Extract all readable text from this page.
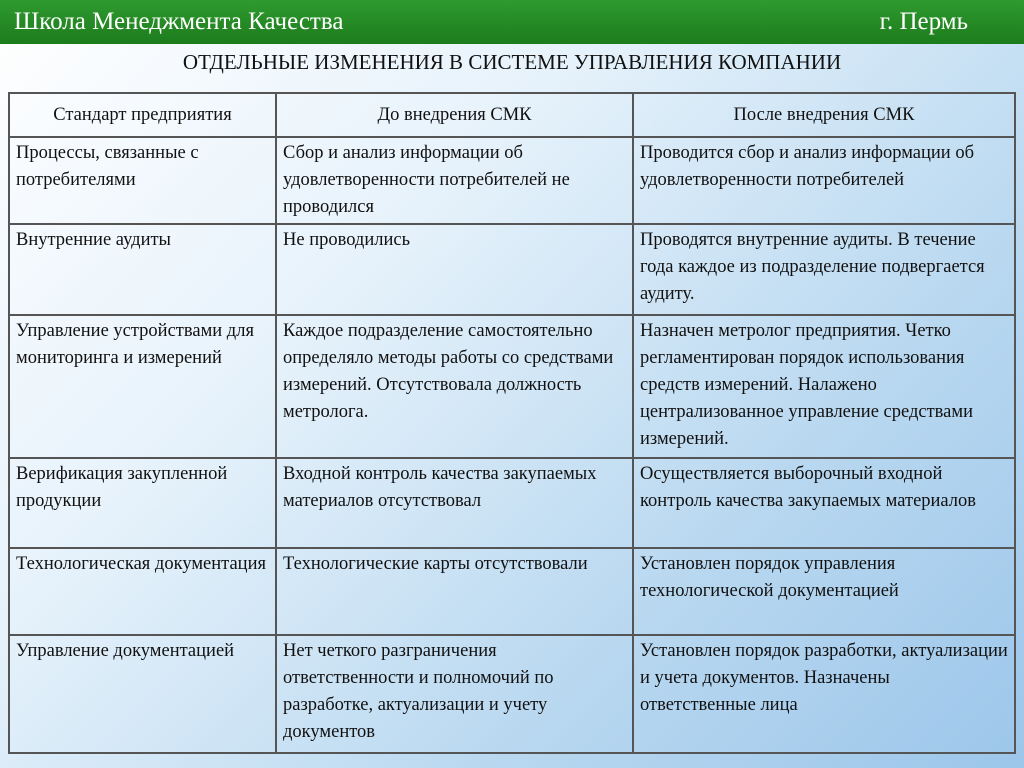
Школа Менеджмента Качества	г. Пермь
ОТДЕЛЬНЫЕ ИЗМЕНЕНИЯ В СИСТЕМЕ УПРАВЛЕНИЯ КОМПАНИИ
Стандарт предприятия	До внедрения СМК	После внедрения СМК
Процессы, связанные с потребителями	Сбор и анализ информации об удовлетворенности потребителей не проводился	Проводится сбор и анализ информации об удовлетворенности потребителей
Внутренние аудиты	Не проводились	Проводятся внутренние аудиты. В течение года каждое из подразделение подвергается аудиту.
Управление устройствами для мониторинга и измерений	Каждое подразделение самостоятельно определяло методы работы со средствами измерений. Отсутствовала должность метролога.	Назначен метролог предприятия. Четко регламентирован порядок использования средств измерений. Налажено централизованное управление средствами измерений.
Верификация закупленной продукции	Входной контроль качества закупаемых материалов отсутствовал	Осуществляется выборочный входной контроль качества закупаемых материалов
Технологическая документация	Технологические карты отсутствовали	Установлен порядок управления технологической документацией
Управление документацией	Нет четкого разграничения ответственности и полномочий по разработке, актуализации и учету документов	Установлен порядок разработки, актуализации и учета документов. Назначены ответственные лица
